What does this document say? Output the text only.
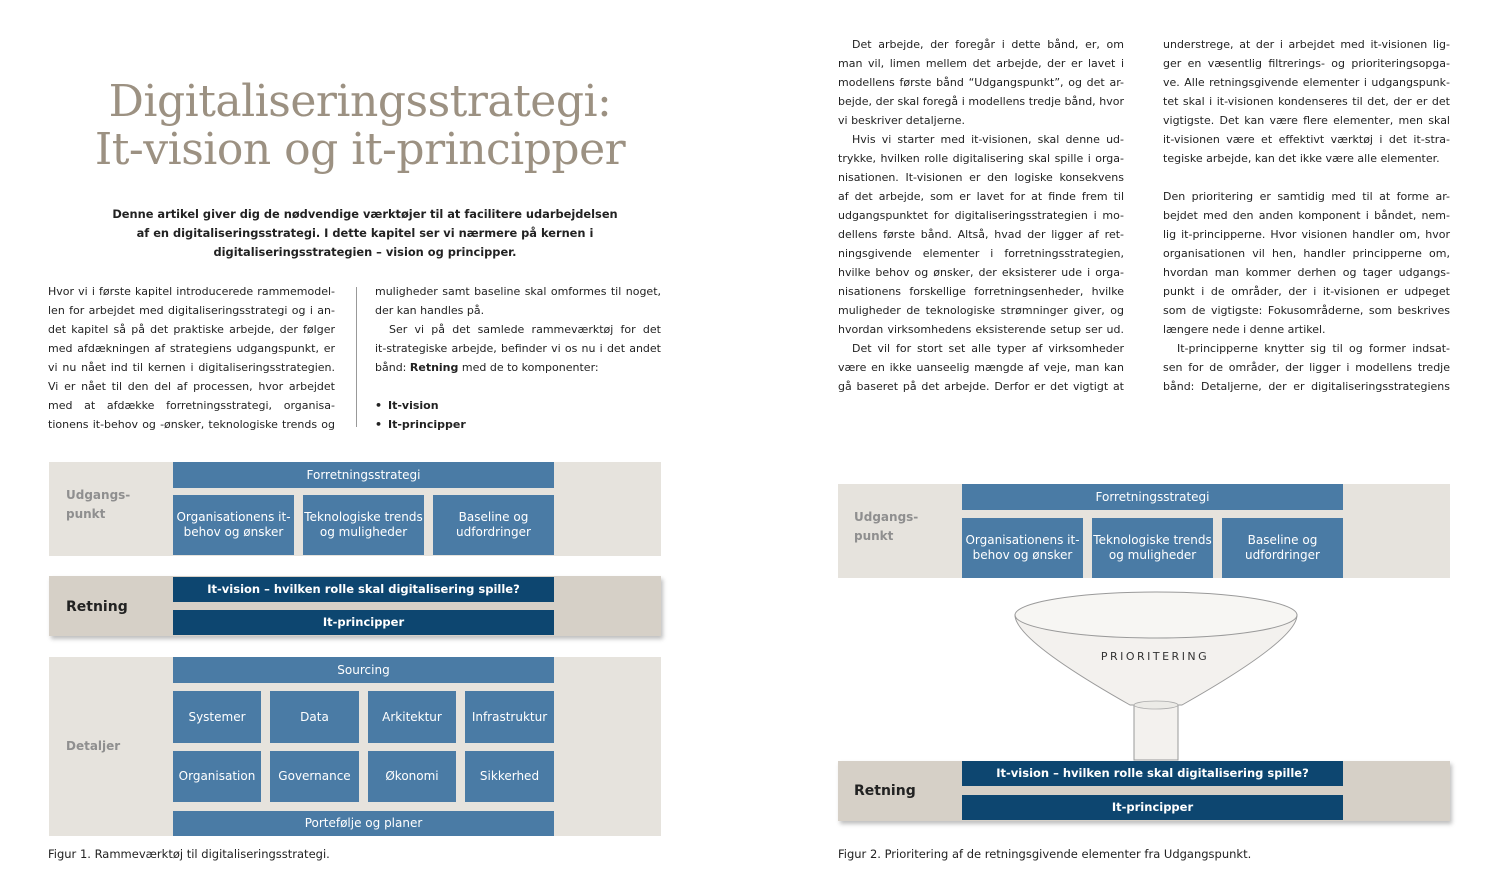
Digitaliseringsstrategi:
It-vision og it-principper
Denne artikel giver dig de nødvendige værktøjer til at facilitere udarbejdelsen
af en digitaliseringsstrategi. I dette kapitel ser vi nærmere på kernen i
digitaliseringsstrategien – vision og principper.
Hvor vi i første kapitel introducerede rammemodel-
len for arbejdet med digitaliseringsstrategi og i an-
det kapitel så på det praktiske arbejde, der følger
med afdækningen af strategiens udgangspunkt, er
vi nu nået ind til kernen i digitaliseringsstrategien.
Vi er nået til den del af processen, hvor arbejdet
med at afdække forretningsstrategi, organisa-
tionens it-behov og -ønsker, teknologiske trends og
muligheder samt baseline skal omformes til noget,
der kan handles på.
Ser vi på det samlede rammeværktøj for det
it-strategiske arbejde, befinder vi os nu i det andet
bånd: Retning med de to komponenter:
• It-vision
• It-principper
Udgangs-
punkt
Forretningsstrategi
Organisationens it-behov og ønsker
Teknologiske trends og muligheder
Baseline og udfordringer
Retning
It-vision – hvilken rolle skal digitalisering spille?
It-principper
Detaljer
Sourcing
Systemer	Data	Arkitektur	Infrastruktur
Organisation	Governance	Økonomi	Sikkerhed
Portefølje og planer
Figur 1. Rammeværktøj til digitaliseringsstrategi.
Det arbejde, der foregår i dette bånd, er, om
man vil, limen mellem det arbejde, der er lavet i
modellens første bånd “Udgangspunkt”, og det ar-
bejde, der skal foregå i modellens tredje bånd, hvor
vi beskriver detaljerne.
Hvis vi starter med it-visionen, skal denne ud-
trykke, hvilken rolle digitalisering skal spille i orga-
nisationen. It-visionen er den logiske konsekvens
af det arbejde, som er lavet for at finde frem til
udgangspunktet for digitaliseringsstrategien i mo-
dellens første bånd. Altså, hvad der ligger af ret-
ningsgivende elementer i forretningsstrategien,
hvilke behov og ønsker, der eksisterer ude i orga-
nisationens forskellige forretningsenheder, hvilke
muligheder de teknologiske strømninger giver, og
hvordan virksomhedens eksisterende setup ser ud.
Det vil for stort set alle typer af virksomheder
være en ikke uanseelig mængde af veje, man kan
gå baseret på det arbejde. Derfor er det vigtigt at
understrege, at der i arbejdet med it-visionen lig-
ger en væsentlig filtrerings- og prioriteringsopga-
ve. Alle retningsgivende elementer i udgangspunk-
tet skal i it-visionen kondenseres til det, der er det
vigtigste. Det kan være flere elementer, men skal
it-visionen være et effektivt værktøj i det it-stra-
tegiske arbejde, kan det ikke være alle elementer.
Den prioritering er samtidig med til at forme ar-
bejdet med den anden komponent i båndet, nem-
lig it-principperne. Hvor visionen handler om, hvor
organisationen vil hen, handler principperne om,
hvordan man kommer derhen og tager udgangs-
punkt i de områder, der i it-visionen er udpeget
som de vigtigste: Fokusområderne, som beskrives
længere nede i denne artikel.
It-principperne knytter sig til og former indsat-
sen for de områder, der ligger i modellens tredje
bånd: Detaljerne, der er digitaliseringsstrategiens
Udgangs-
punkt
Forretningsstrategi
Organisationens it-behov og ønsker
Teknologiske trends og muligheder
Baseline og udfordringer
PRIORITERING
Retning
It-vision – hvilken rolle skal digitalisering spille?
It-principper
Figur 2. Prioritering af de retningsgivende elementer fra Udgangspunkt.
